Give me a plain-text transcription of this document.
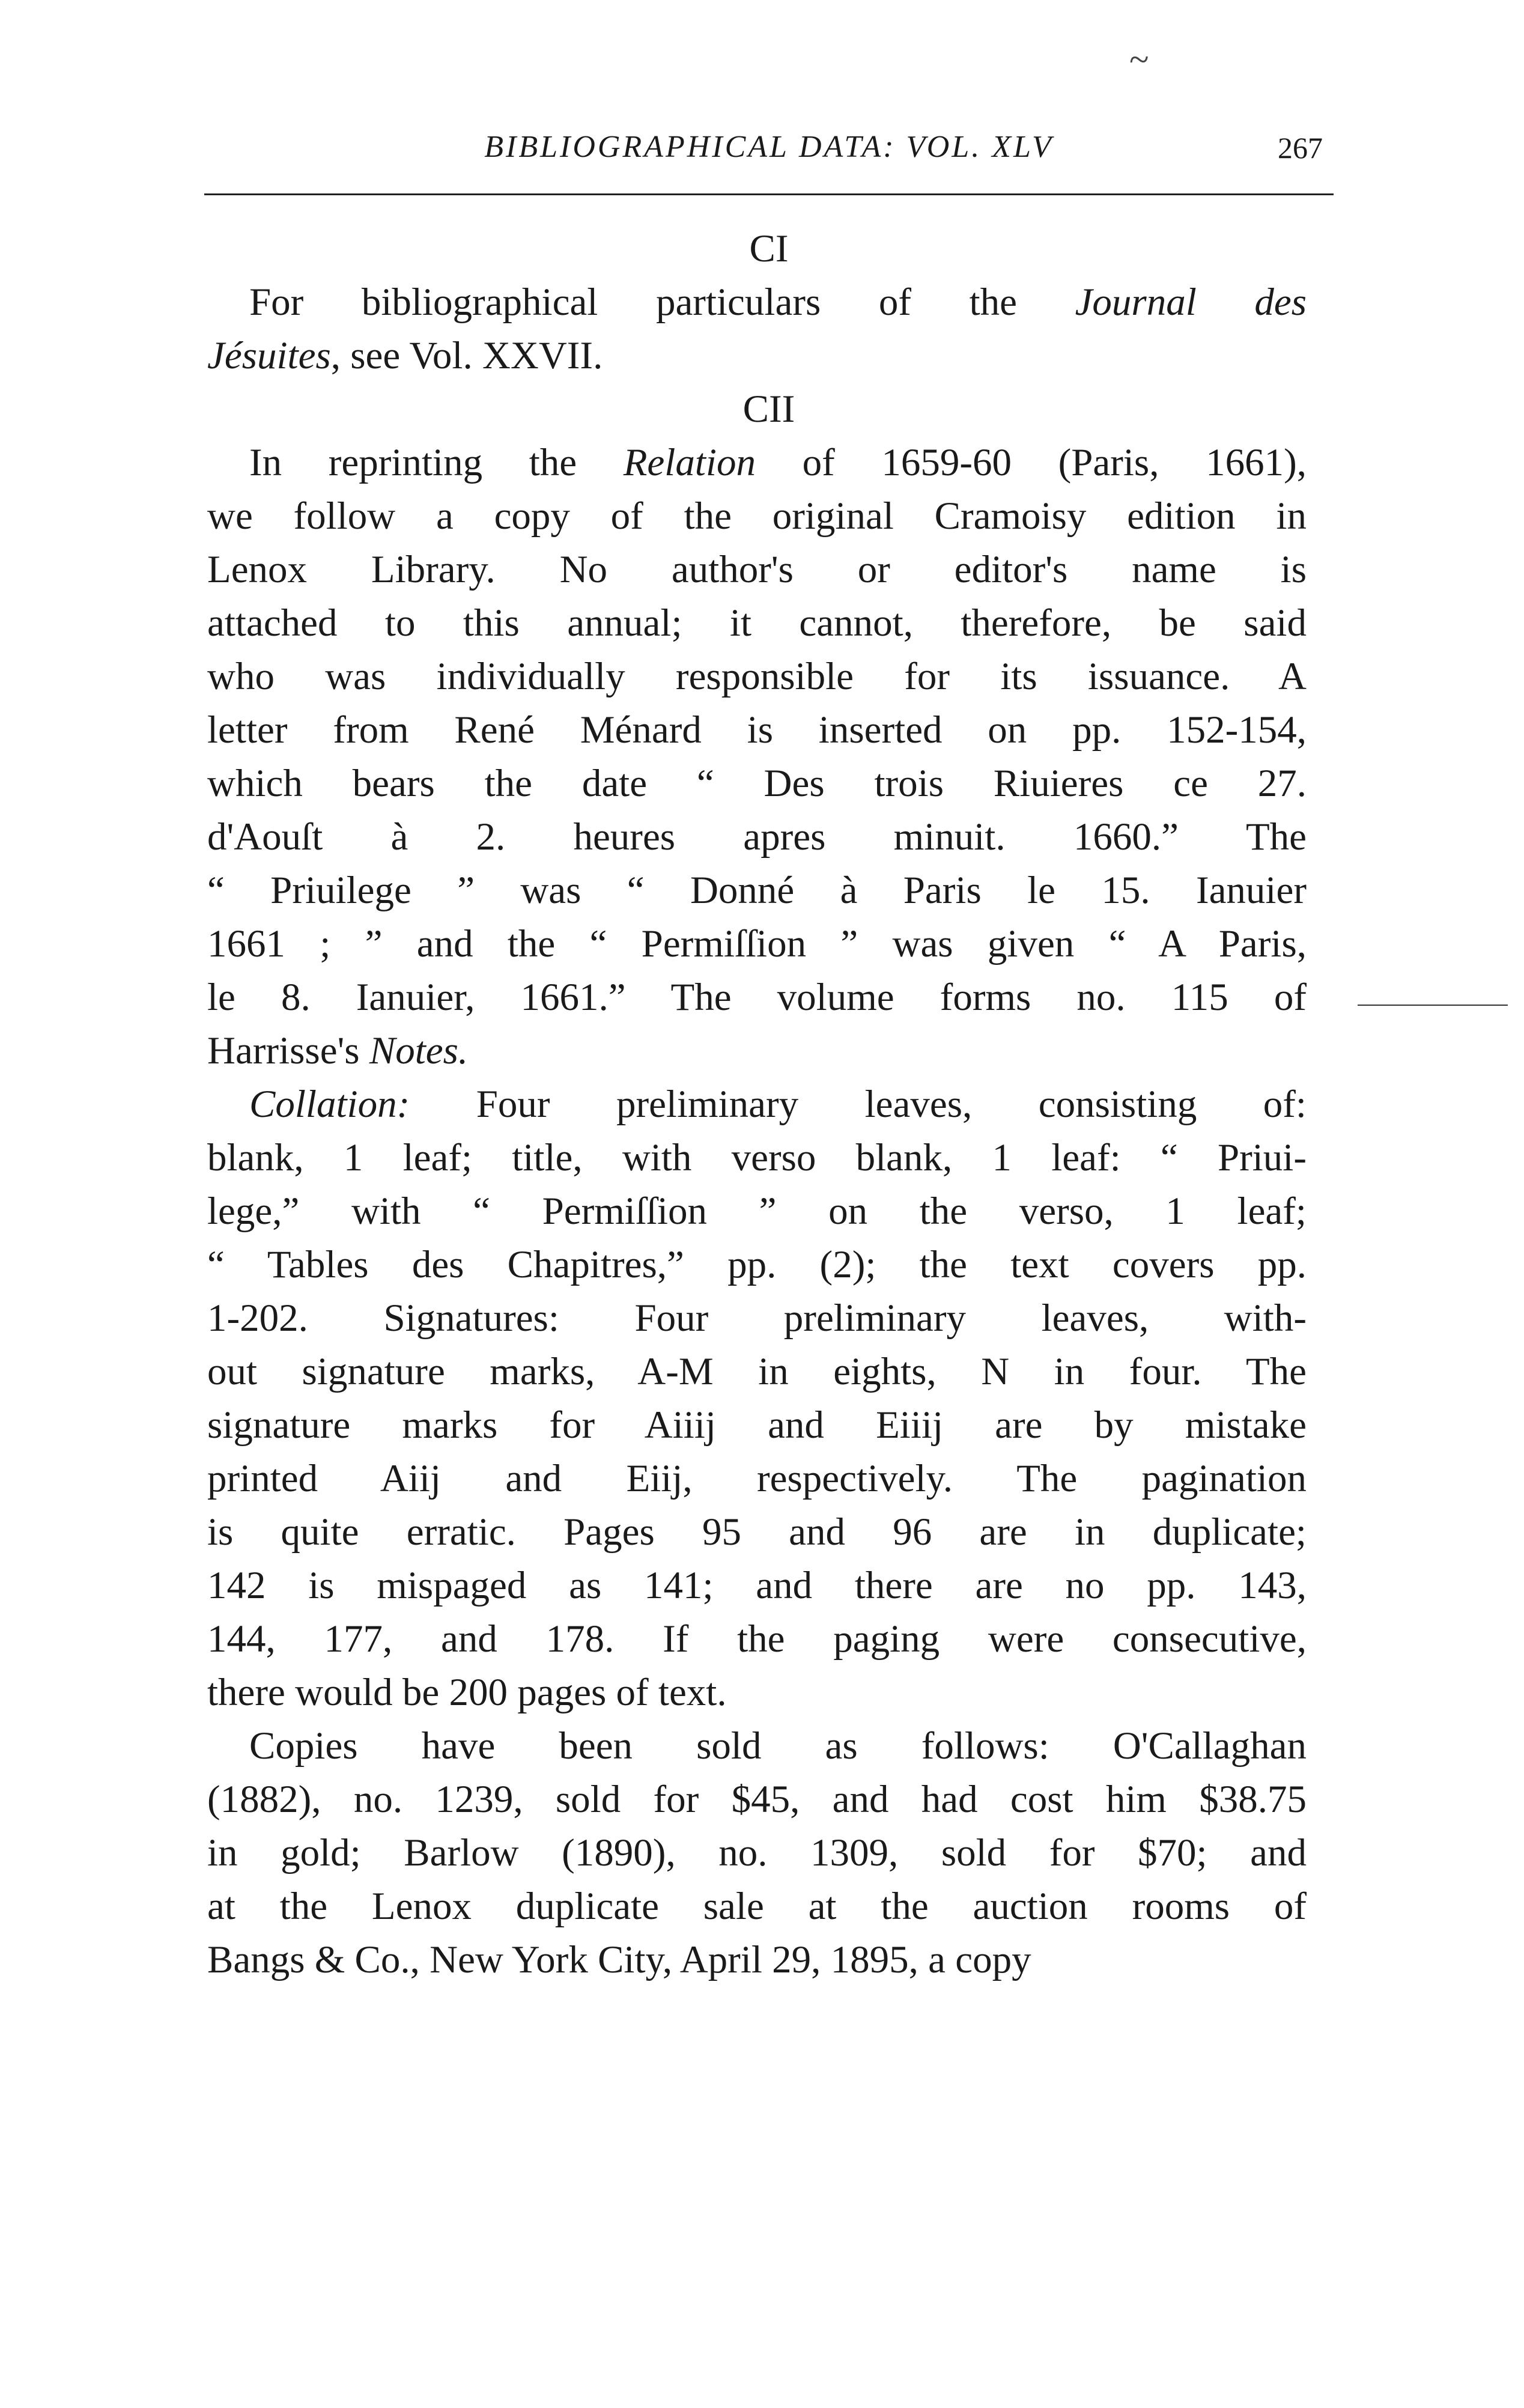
~
BIBLIOGRAPHICAL DATA: VOL. XLV	267
CI
For bibliographical particulars of the Journal des
Jésuites, see Vol. XXVII.
CII
In reprinting the Relation of 1659-60 (Paris, 1661),
we follow a copy of the original Cramoisy edition in
Lenox Library. No author's or editor's name is
attached to this annual; it cannot, therefore, be said
who was individually responsible for its issuance. A
letter from René Ménard is inserted on pp. 152-154,
which bears the date “ Des trois Riuieres ce 27.
d'Aouſt à 2. heures apres minuit. 1660.” The
“ Priuilege ” was “ Donné à Paris le 15. Ianuier
1661 ; ” and the “ Permiſſion ” was given “ A Paris,
le 8. Ianuier, 1661.” The volume forms no. 115 of
Harrisse's Notes.
Collation: Four preliminary leaves, consisting of:
blank, 1 leaf; title, with verso blank, 1 leaf: “ Priui-
lege,” with “ Permiſſion ” on the verso, 1 leaf;
“ Tables des Chapitres,” pp. (2); the text covers pp.
1-202. Signatures: Four preliminary leaves, with-
out signature marks, A-M in eights, N in four. The
signature marks for Aiiij and Eiiij are by mistake
printed Aiij and Eiij, respectively. The pagination
is quite erratic. Pages 95 and 96 are in duplicate;
142 is mispaged as 141; and there are no pp. 143,
144, 177, and 178. If the paging were consecutive,
there would be 200 pages of text.
Copies have been sold as follows: O'Callaghan
(1882), no. 1239, sold for $45, and had cost him $38.75
in gold; Barlow (1890), no. 1309, sold for $70; and
at the Lenox duplicate sale at the auction rooms of
Bangs & Co., New York City, April 29, 1895, a copy
